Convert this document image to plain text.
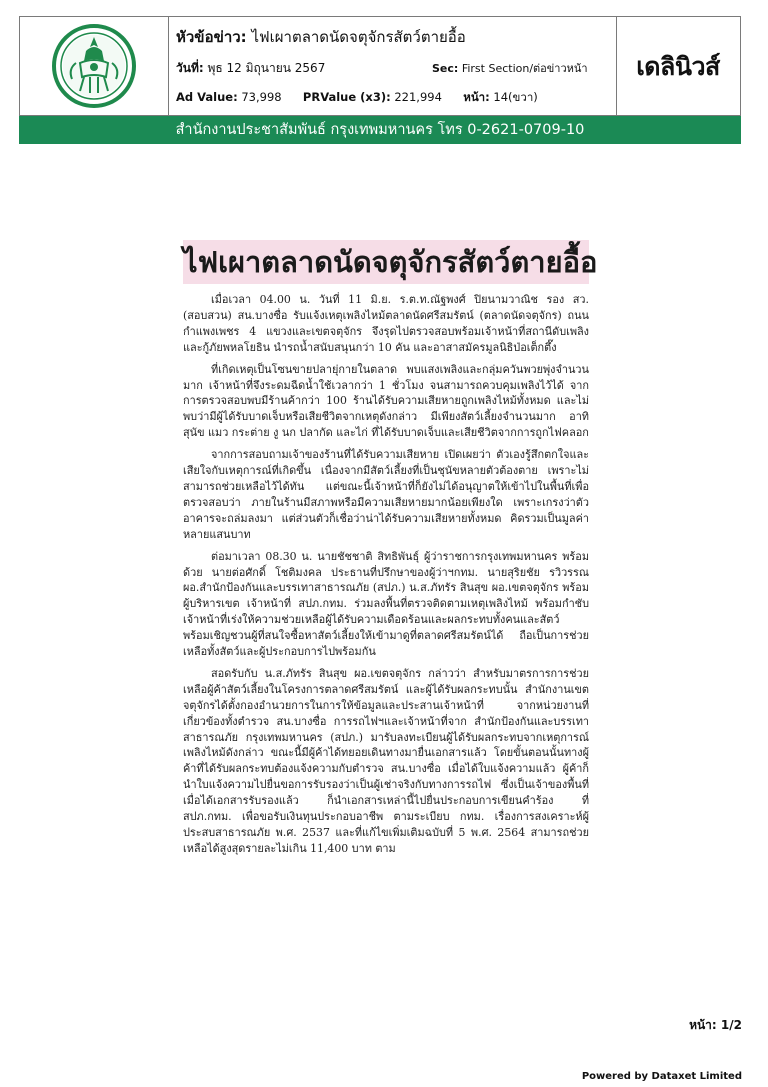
หัวข้อข่าว: ไฟเผาตลาดนัดจตุจักรสัตว์ตายอื้อ
วันที่: พุธ 12 มิถุนายน 2567	Sec: First Section/ต่อข่าวหน้า
Ad Value: 73,998 PRValue (x3): 221,994 หน้า: 14(ขวา)
เดลินิวส์
สำนักงานประชาสัมพันธ์ กรุงเทพมหานคร โทร 0-2621-0709-10
ไฟเผาตลาดนัดจตุจักรสัตว์ตายอื้อ

เมื่อเวลา 04.00 น. วันที่ 11 มิ.ย. ร.ต.ท.ณัฐพงศ์ ปิยนามวาณิช รอง สว.(สอบสวน) สน.บางซื่อ รับแจ้งเหตุเพลิงไหม้ตลาดนัดศรีสมรัตน์ (ตลาดนัดจตุจักร) ถนนกำแพงเพชร 4 แขวงและเขตจตุจักร จึงรุดไปตรวจสอบพร้อมเจ้าหน้าที่สถานีดับเพลิงและกู้ภัยพหลโยธิน นำรถน้ำสนับสนุนกว่า 10 คัน และอาสาสมัครมูลนิธิป่อเต็กตึ๊ง

ที่เกิดเหตุเป็นโซนขายปลายุ่กายในตลาด พบแสงเพลิงและกลุ่มควันพวยพุ่งจำนวนมาก เจ้าหน้าที่จึงระดมฉีดน้ำใช้เวลากว่า 1 ชั่วโมง จนสามารถควบคุมเพลิงไว้ได้ จากการตรวจสอบพบมีร้านค้ากว่า 100 ร้านได้รับความเสียหายถูกเพลิงไหม้ทั้งหมด และไม่พบว่ามีผู้ได้รับบาดเจ็บหรือเสียชีวิตจากเหตุดังกล่าว มีเพียงสัตว์เลี้ยงจำนวนมาก อาทิ สุนัข แมว กระต่าย งู นก ปลากัด และไก่ ที่ได้รับบาดเจ็บและเสียชีวิตจากการถูกไฟคลอก

จากการสอบถามเจ้าของร้านที่ได้รับความเสียหาย เปิดเผยว่า ตัวเองรู้สึกตกใจและเสียใจกับเหตุการณ์ที่เกิดขึ้น เนื่องจากมีสัตว์เลี้ยงที่เป็นชุนัขหลายตัวต้องตาย เพราะไม่สามารถช่วยเหลือไว้ได้ทัน แต่ขณะนี้เจ้าหน้าที่ก็ยังไม่ได้อนุญาตให้เข้าไปในพื้นที่เพื่อตรวจสอบว่า ภายในร้านมีสภาพหรือมีความเสียหายมากน้อยเพียงใด เพราะเกรงว่าตัวอาคารจะถล่มลงมา แต่ส่วนตัวก็เชื่อว่าน่าได้รับความเสียหายทั้งหมด คิดรวมเป็นมูลค่าหลายแสนบาท

ต่อมาเวลา 08.30 น. นายชัชชาติ สิทธิพันธุ์ ผู้ว่าราชการกรุงเทพมหานคร พร้อมด้วย นายต่อศักดิ์ โชติมงคล ประธานที่ปรึกษาของผู้ว่าฯกทม. นายสุริยชัย รวิวรรณ ผอ.สำนักป้องกันและบรรเทาสาธารณภัย (สปภ.) น.ส.ภัทรัร สินสุข ผอ.เขตจตุจักร พร้อมผู้บริหารเขต เจ้าหน้าที่ สปภ.กทม. ร่วมลงพื้นที่ตรวจติดตามเหตุเพลิงไหม้ พร้อมกำชับเจ้าหน้าที่เร่งให้ความช่วยเหลือผู้ได้รับความเดือดร้อนและผลกระทบทั้งคนและสัตว์ พร้อมเชิญชวนผู้ที่สนใจซื้อหาสัตว์เลี้ยงให้เข้ามาดูที่ตลาดศรีสมรัตน์ได้ ถือเป็นการช่วยเหลือทั้งสัตว์และผู้ประกอบการไปพร้อมกัน

สอดรับกับ น.ส.ภัทรัร สินสุข ผอ.เขตจตุจักร กล่าวว่า สำหรับมาตรการการช่วยเหลือผู้ค้าสัตว์เลี้ยงในโครงการตลาดศรีสมรัตน์ และผู้ได้รับผลกระทบนั้น สำนักงานเขตจตุจักรได้ตั้งกองอำนวยการในการให้ข้อมูลและประสานเจ้าหน้าที่ จากหน่วยงานที่เกี่ยวข้องทั้งตำรวจ สน.บางซื่อ การรถไฟฯและเจ้าหน้าที่จาก สำนักป้องกันและบรรเทาสาธารณภัย กรุงเทพมหานคร (สปภ.) มารับลงทะเบียนผู้ได้รับผลกระทบจากเหตุการณ์เพลิงไหม้ดังกล่าว ขณะนี้มีผู้ค้าได้ทยอยเดินทางมายื่นเอกสารแล้ว โดยขั้นตอนนั้นทางผู้ค้าที่ได้รับผลกระทบต้องแจ้งความกับตำรวจ สน.บางซื่อ เมื่อได้ใบแจ้งความแล้ว ผู้ค้าก็นำใบแจ้งความไปยื่นขอการรับรองว่าเป็นผู้เช่าจริงกับทางการรถไฟ ซึ่งเป็นเจ้าของพื้นที่ เมื่อได้เอกสารรับรองแล้ว ก็นำเอกสารเหล่านี้ไปยื่นประกอบการเขียนคำร้อง ที่ สปภ.กทม. เพื่อขอรับเงินทุนประกอบอาชีพ ตามระเบียบ กทม. เรื่องการสงเคราะห์ผู้ประสบสาธารณภัย พ.ศ. 2537 และที่แก้ไขเพิ่มเติมฉบับที่ 5 พ.ศ. 2564 สามารถช่วยเหลือได้สูงสุดรายละไม่เกิน 11,400 บาท ตาม

หน้า: 1/2
Powered by Dataxet Limited
